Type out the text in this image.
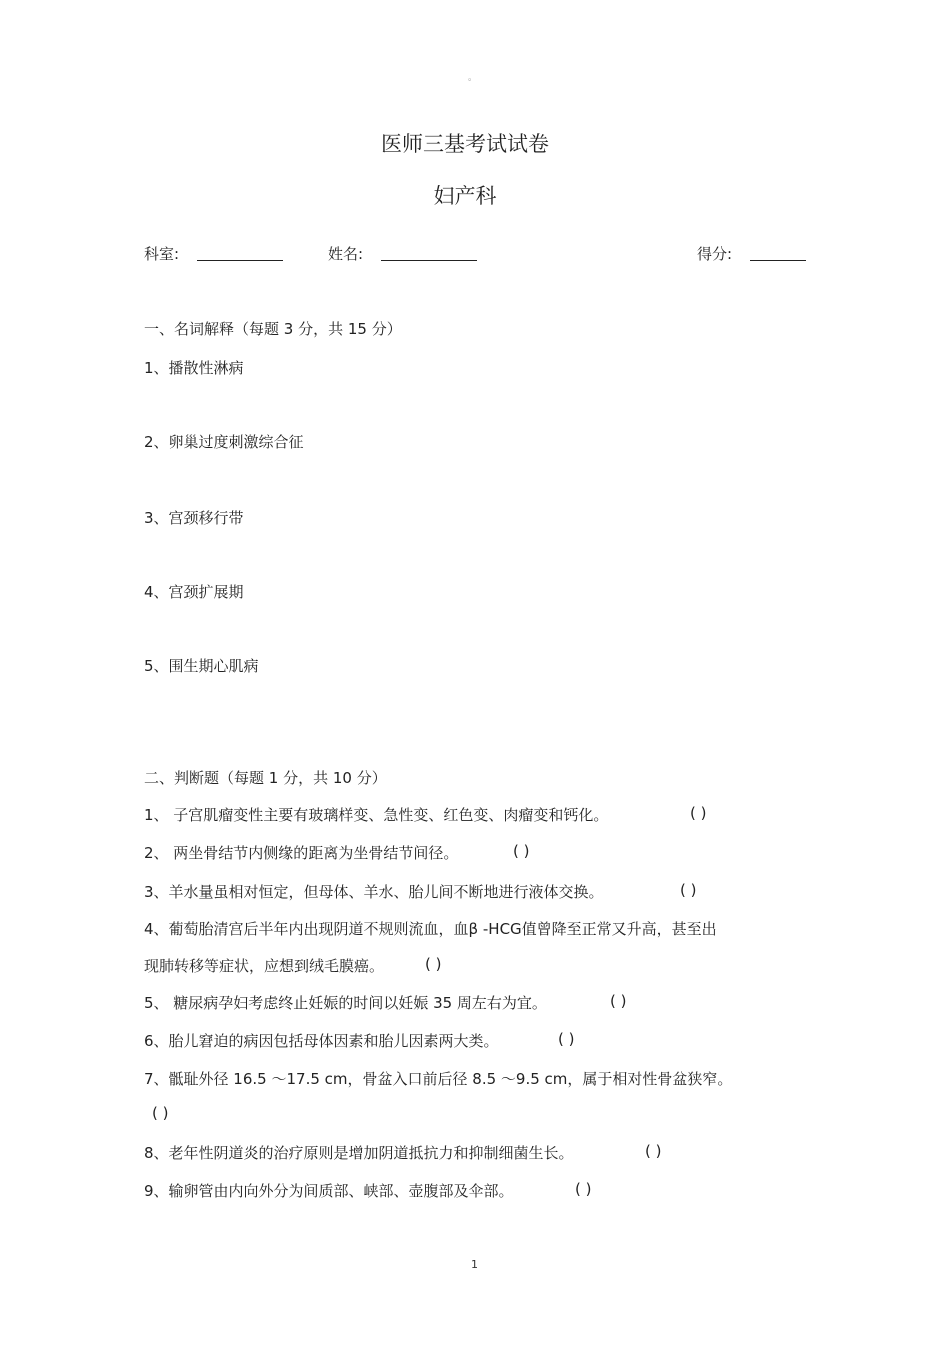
。
医师三基考试试卷
妇产科
科室:	姓名:	得分:
一、名词解释（每题 3 分，共 15 分）
1、播散性淋病
2、卵巢过度刺激综合征
3、宫颈移行带
4、宫颈扩展期
5、围生期心肌病
二、判断题（每题 1 分，共 10 分）
1、 子宫肌瘤变性主要有玻璃样变、急性变、红色变、肉瘤变和钙化。	( )
2、 两坐骨结节内侧缘的距离为坐骨结节间径。	( )
3、羊水量虽相对恒定，但母体、羊水、胎儿间不断地进行液体交换。	( )
4、葡萄胎清宫后半年内出现阴道不规则流血，血β -HCG值曾降至正常又升高，甚至出
现肺转移等症状，应想到绒毛膜癌。	( )
5、 糖尿病孕妇考虑终止妊娠的时间以妊娠 35 周左右为宜。	( )
6、胎儿窘迫的病因包括母体因素和胎儿因素两大类。	( )
7、骶耻外径 16.5 ～17.5 cm，骨盆入口前后径 8.5 ～9.5 cm，属于相对性骨盆狭窄。
( )
8、老年性阴道炎的治疗原则是增加阴道抵抗力和抑制细菌生长。	( )
9、输卵管由内向外分为间质部、峡部、壶腹部及伞部。	( )
1
